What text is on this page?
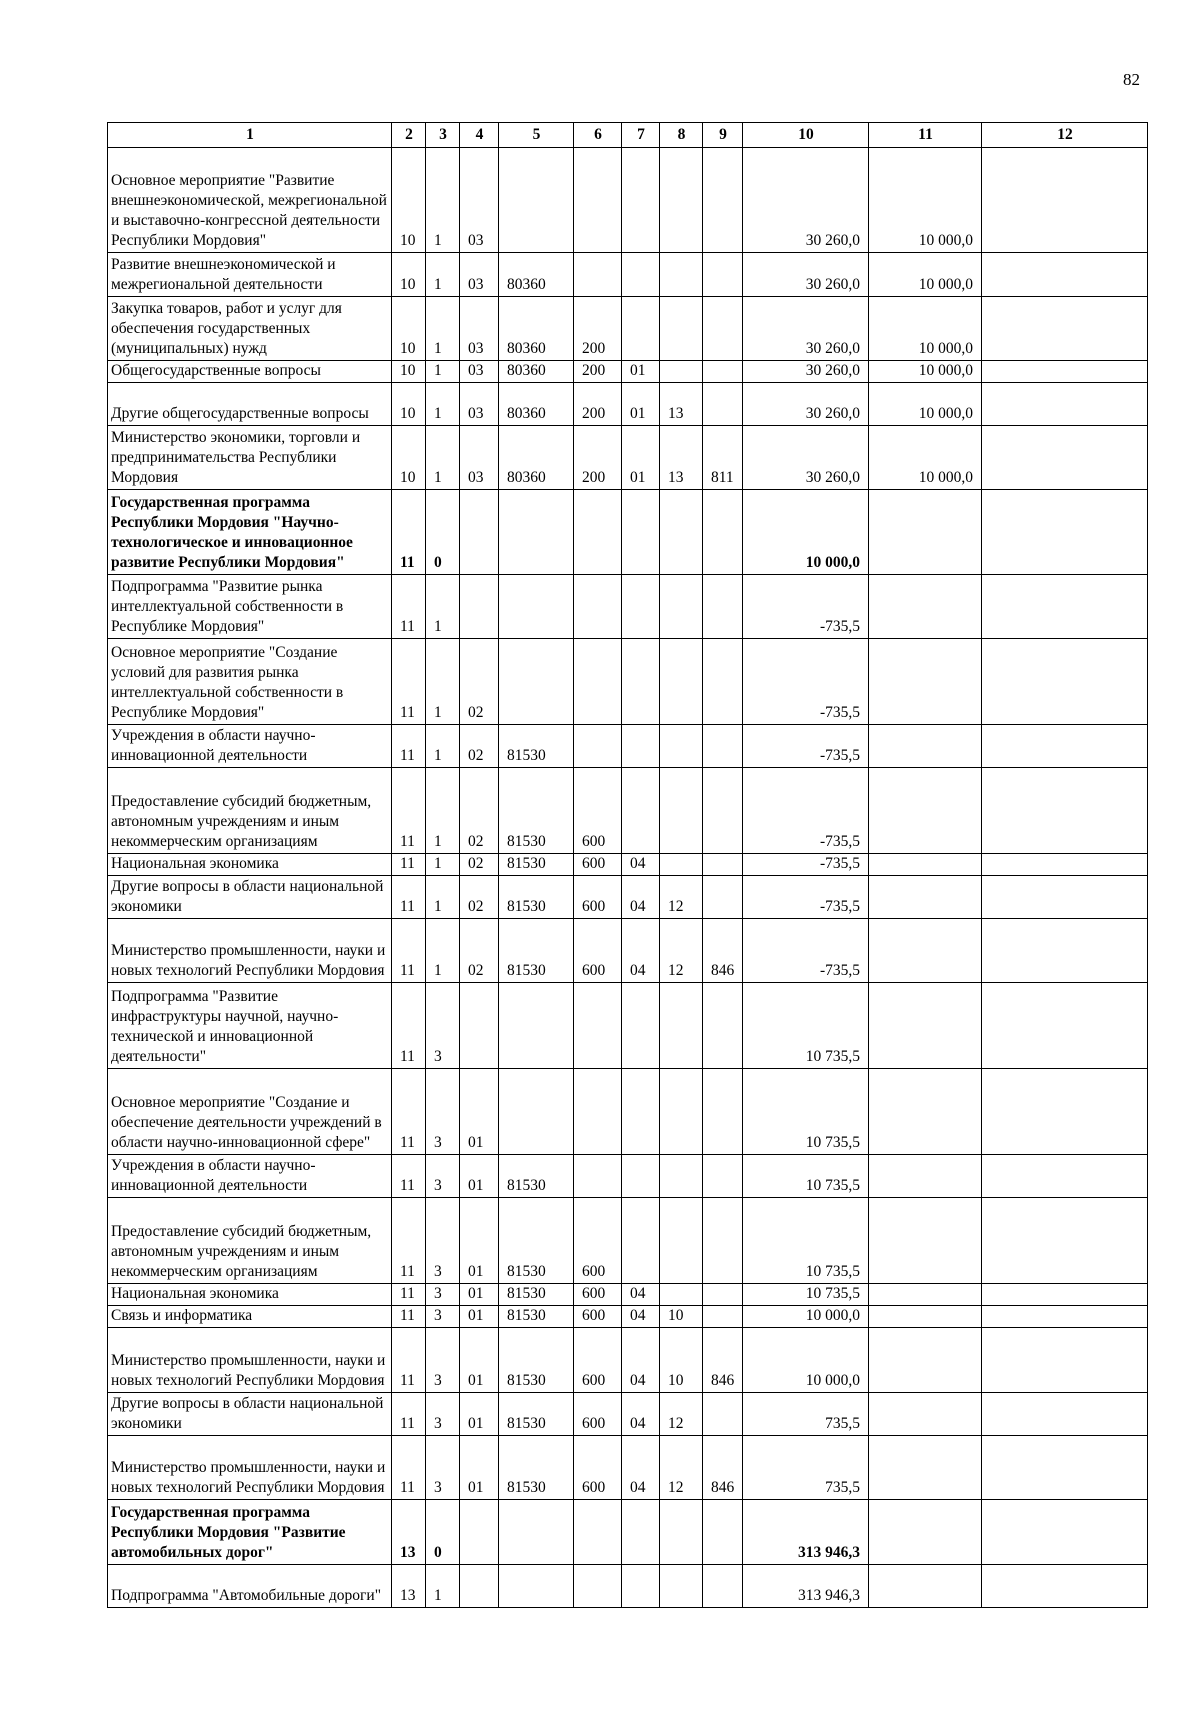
82
1	2	3	4	5	6	7	8	9	10	11	12
Основное мероприятие "Развитие внешнеэкономической, межрегиональной и выставочно-конгрессной деятельности Республики Мордовия"	10	1	03						30 260,0	10 000,0	
Развитие внешнеэкономической и межрегиональной деятельности	10	1	03	80360					30 260,0	10 000,0	
Закупка товаров, работ и услуг для обеспечения государственных (муниципальных) нужд	10	1	03	80360	200				30 260,0	10 000,0	
Общегосударственные вопросы	10	1	03	80360	200	01			30 260,0	10 000,0	
Другие общегосударственные вопросы	10	1	03	80360	200	01	13		30 260,0	10 000,0	
Министерство экономики, торговли и предпринимательства Республики Мордовия	10	1	03	80360	200	01	13	811	30 260,0	10 000,0	
Государственная программа Республики Мордовия "Научно-технологическое и инновационное развитие Республики Мордовия"	11	0							10 000,0		
Подпрограмма "Развитие рынка интеллектуальной собственности в Республике Мордовия"	11	1							-735,5		
Основное мероприятие "Создание условий для развития рынка интеллектуальной собственности в Республике Мордовия"	11	1	02						-735,5		
Учреждения в области научно-инновационной деятельности	11	1	02	81530					-735,5		
Предоставление субсидий бюджетным, автономным учреждениям и иным некоммерческим организациям	11	1	02	81530	600				-735,5		
Национальная экономика	11	1	02	81530	600	04			-735,5		
Другие вопросы в области национальной экономики	11	1	02	81530	600	04	12		-735,5		
Министерство промышленности, науки и новых технологий Республики Мордовия	11	1	02	81530	600	04	12	846	-735,5		
Подпрограмма "Развитие инфраструктуры научной, научно-технической и инновационной деятельности"	11	3							10 735,5		
Основное мероприятие "Создание и обеспечение деятельности учреждений в области научно-инновационной сфере"	11	3	01						10 735,5		
Учреждения в области научно-инновационной деятельности	11	3	01	81530					10 735,5		
Предоставление субсидий бюджетным, автономным учреждениям и иным некоммерческим организациям	11	3	01	81530	600				10 735,5		
Национальная экономика	11	3	01	81530	600	04			10 735,5		
Связь и информатика	11	3	01	81530	600	04	10		10 000,0		
Министерство промышленности, науки и новых технологий Республики Мордовия	11	3	01	81530	600	04	10	846	10 000,0		
Другие вопросы в области национальной экономики	11	3	01	81530	600	04	12		735,5		
Министерство промышленности, науки и новых технологий Республики Мордовия	11	3	01	81530	600	04	12	846	735,5		
Государственная программа Республики Мордовия "Развитие автомобильных дорог"	13	0							313 946,3		
Подпрограмма "Автомобильные дороги"	13	1							313 946,3		
